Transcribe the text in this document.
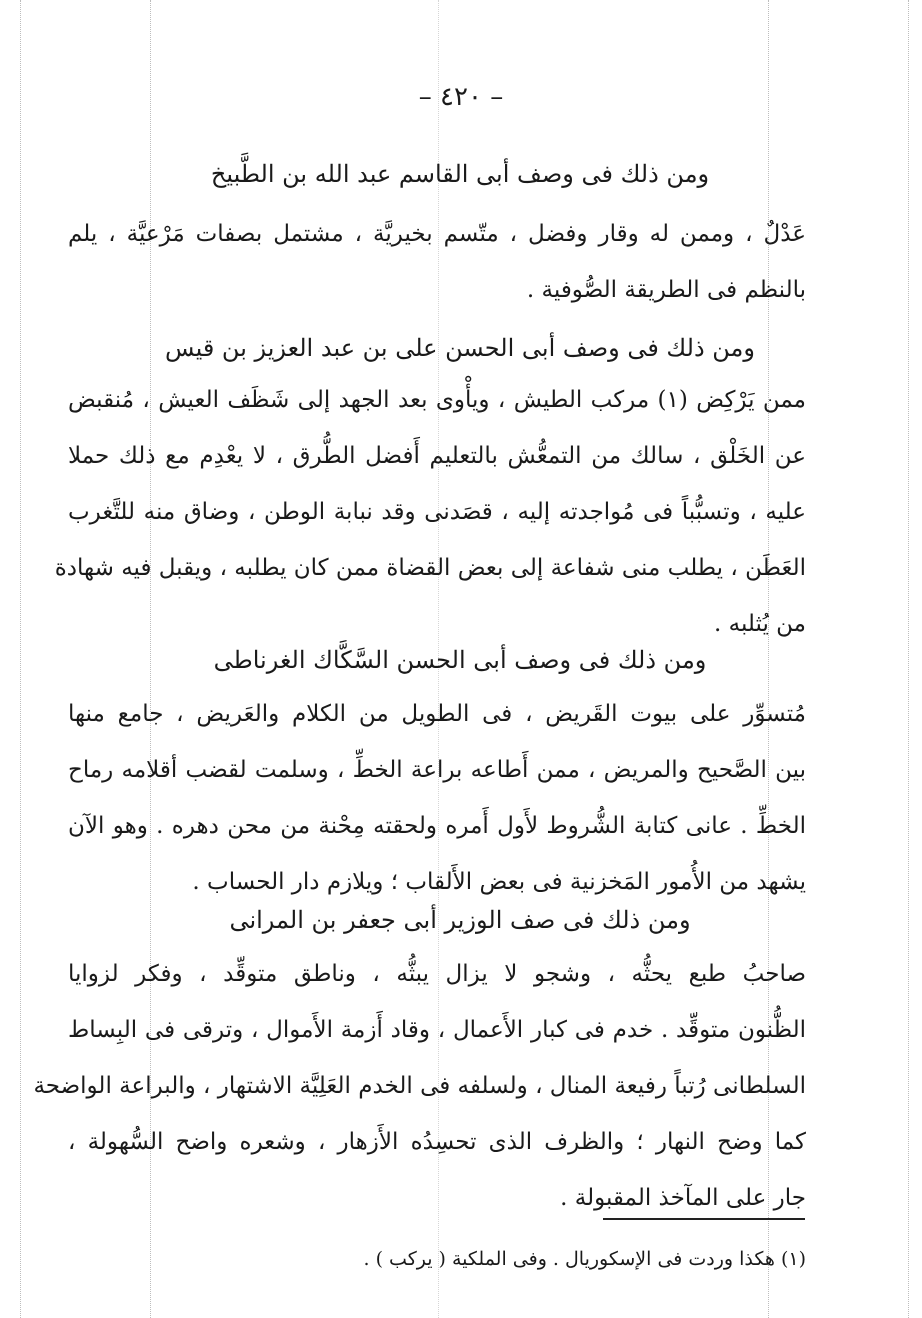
– ٤٢٠ –
ومن ذلك فى وصف أبى القاسم عبد الله بن الطَّبيخ
عَدْلٌ ، وممن له وقار وفضل ، متّسم بخيريَّة ، مشتمل بصفات مَرْعيَّة ، يلم
بالنظم فى الطريقة الصُّوفية .
ومن ذلك فى وصف أبى الحسن على بن عبد العزيز بن قيس
ممن يَرْكِض (١) مركب الطيش ، ويأْوى بعد الجهد إلى شَظَف العيش ، مُنقبض
عن الخَلْق ، سالك من التمعُّش بالتعليم أَفضل الطُّرق ، لا يعْدِم مع ذلك حملا
عليه ، وتسبُّباً فى مُواجدته إليه ، قصَدنى وقد نبابة الوطن ، وضاق منه للتَّغرب
العَطَن ، يطلب منى شفاعة إلى بعض القضاة ممن كان يطلبه ، ويقبل فيه شهادة
من يُثلبه .
ومن ذلك فى وصف أبى الحسن السَّكَّاك الغرناطى
مُتسوِّر على بيوت القَريض ، فى الطويل من الكلام والعَريض ، جامع منها
بين الصَّحيح والمريض ، ممن أَطاعه براعة الخطِّ ، وسلمت لقضب أقلامه رماح
الخطِّ . عانى كتابة الشُّروط لأَول أَمره ولحقته مِحْنة من محن دهره . وهو الآن
يشهد من الأُمور المَخزنية فى بعض الأَلقاب ؛ ويلازم دار الحساب .
ومن ذلك فى صف الوزير أبى جعفر بن المرانى
صاحبُ طبع يحثُّه ، وشجو لا يزال يبثُّه ، وناطق متوقِّد ، وفكر لزوايا
الظُّنون متوقِّد . خدم فى كبار الأَعمال ، وقاد أَزمة الأَموال ، وترقى فى البِساط
السلطانى رُتباً رفيعة المنال ، ولسلفه فى الخدم العَلِيَّة الاشتهار ، والبراعة الواضحة
كما وضح النهار ؛ والظرف الذى تحسِدُه الأَزهار ، وشعره واضح السُّهولة ،
جار على المآخذ المقبولة .
(١) هكذا وردت فى الإسكوريال . وفى الملكية ( يركب ) .
